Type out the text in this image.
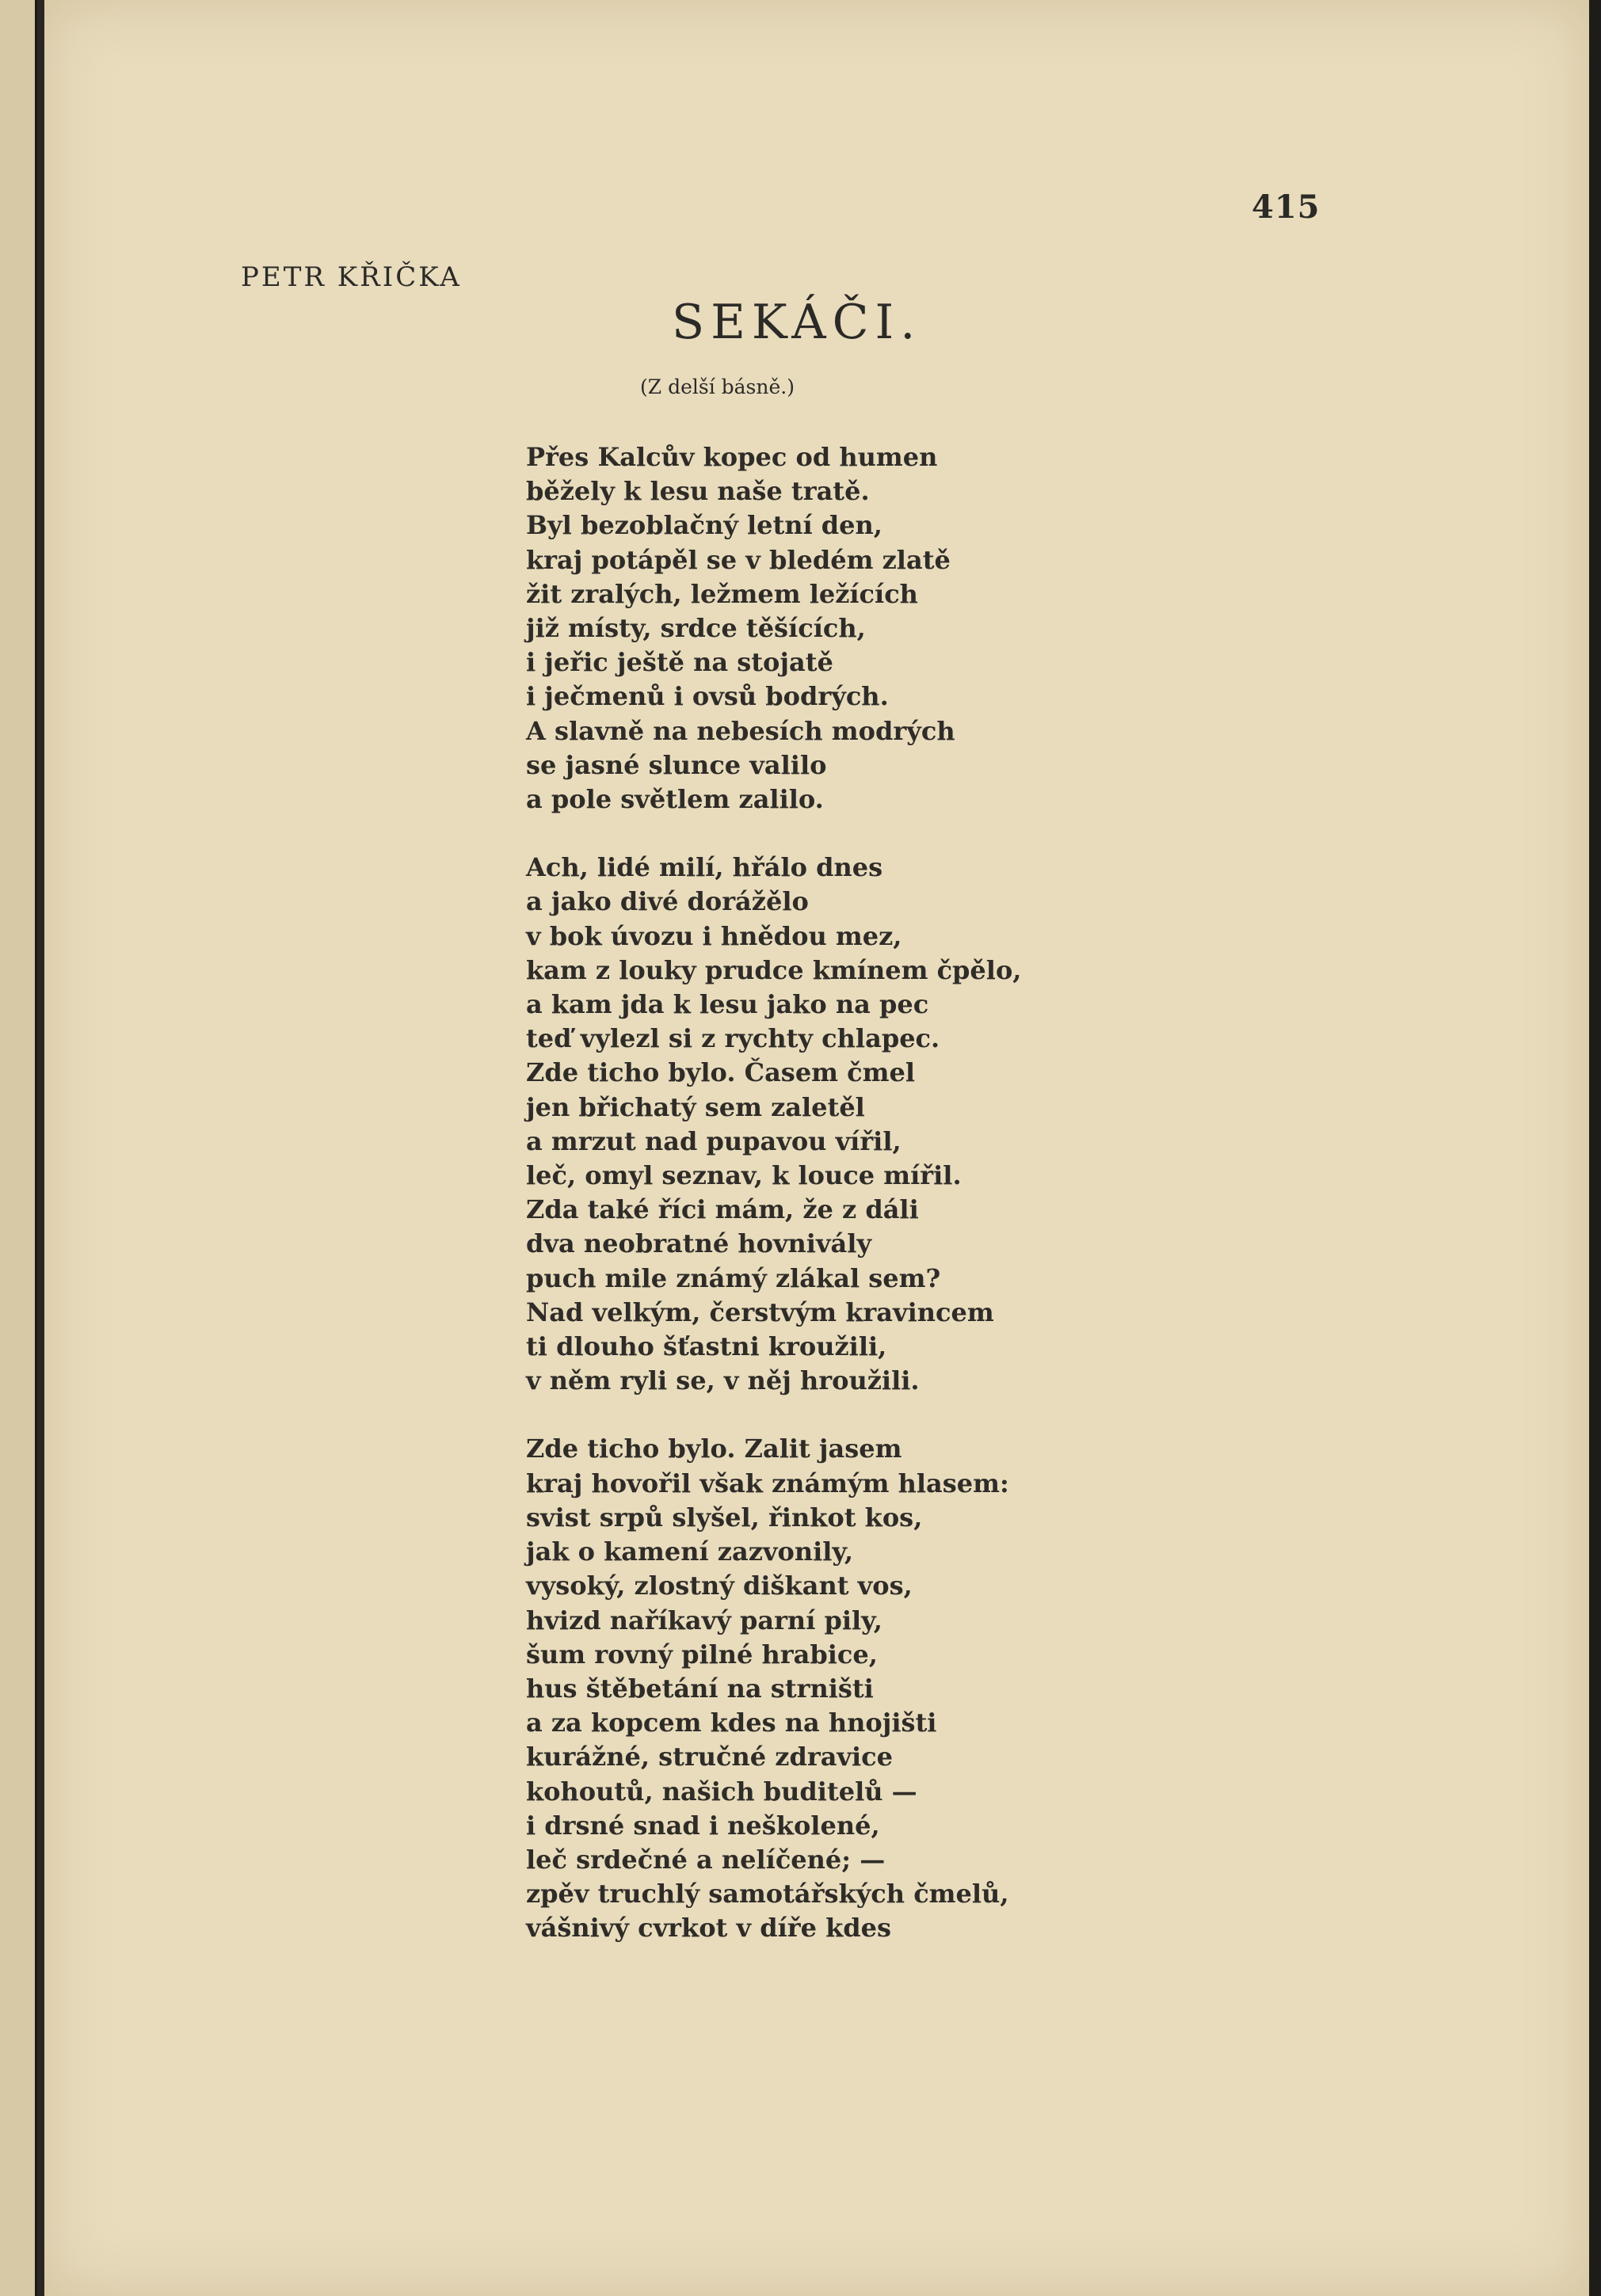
415
PETR KŘIČKA
SEKÁČI.
(Z delší básně.)
Přes Kalcův kopec od humen
běžely k lesu naše tratě.
Byl bezoblačný letní den,
kraj potápěl se v bledém zlatě
žit zralých, ležmem ležících
již místy, srdce těšících,
i jeřic ještě na stojatě
i ječmenů i ovsů bodrých.
A slavně na nebesích modrých
se jasné slunce valilo
a pole světlem zalilo.
Ach, lidé milí, hřálo dnes
a jako divé dorážělo
v bok úvozu i hnědou mez,
kam z louky prudce kmínem čpělo,
a kam jda k lesu jako na pec
teď vylezl si z rychty chlapec.
Zde ticho bylo. Časem čmel
jen břichatý sem zaletěl
a mrzut nad pupavou vířil,
leč, omyl seznav, k louce mířil.
Zda také říci mám, že z dáli
dva neobratné hovnivály
puch mile známý zlákal sem?
Nad velkým, čerstvým kravincem
ti dlouho šťastni kroužili,
v něm ryli se, v něj hroužili.
Zde ticho bylo. Zalit jasem
kraj hovořil však známým hlasem:
svist srpů slyšel, řinkot kos,
jak o kamení zazvonily,
vysoký, zlostný diškant vos,
hvizd naříkavý parní pily,
šum rovný pilné hrabice,
hus štěbetání na strništi
a za kopcem kdes na hnojišti
kurážné, stručné zdravice
kohoutů, našich buditelů —
i drsné snad i neškolené,
leč srdečné a nelíčené; —
zpěv truchlý samotářských čmelů,
vášnivý cvrkot v díře kdes
